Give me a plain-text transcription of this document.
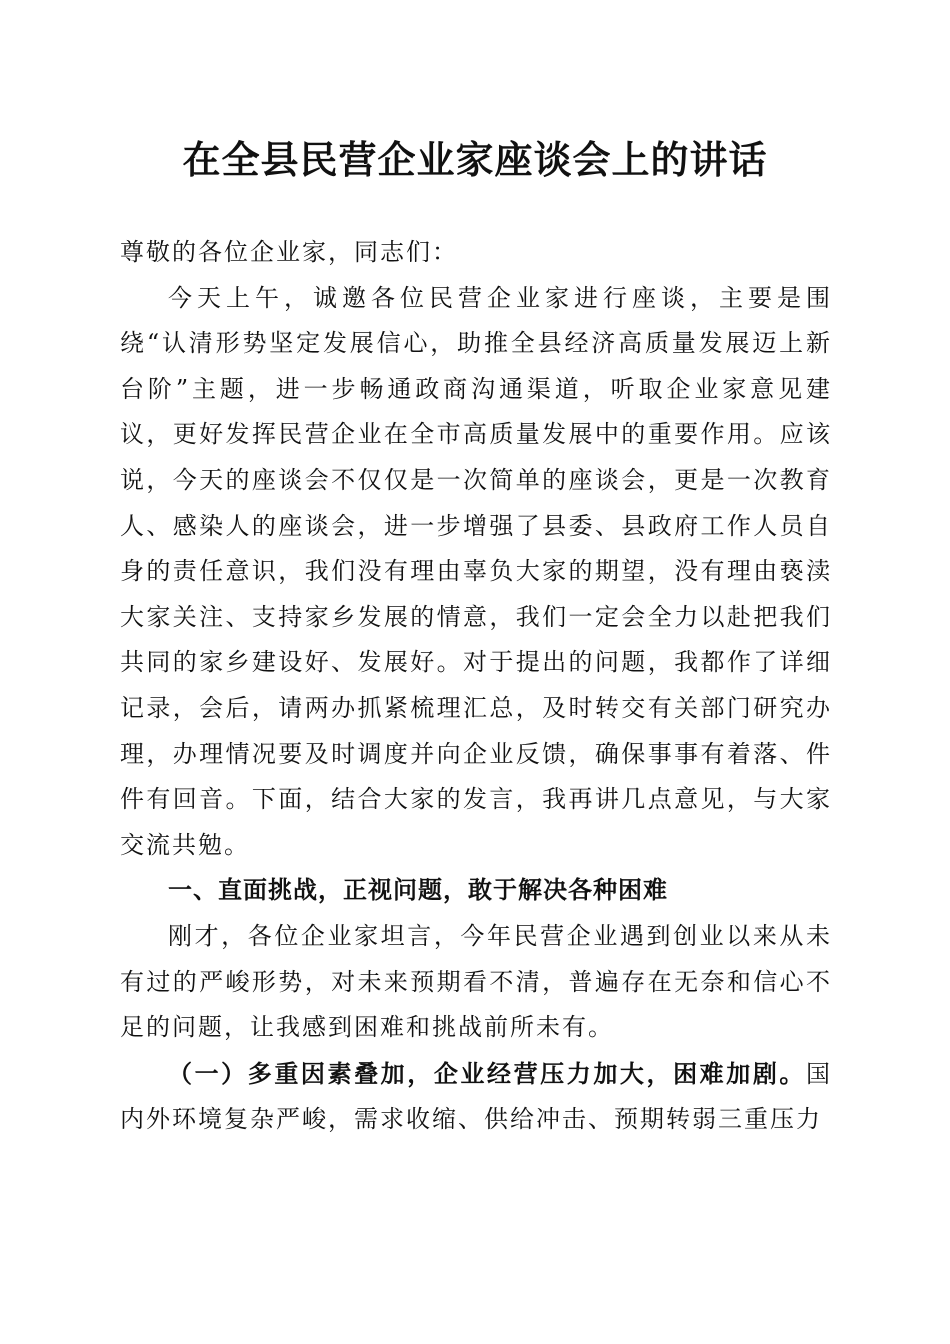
在全县民营企业家座谈会上的讲话

尊敬的各位企业家，同志们：

今天上午，诚邀各位民营企业家进行座谈，主要是围绕“认清形势坚定发展信心，助推全县经济高质量发展迈上新台阶”主题，进一步畅通政商沟通渠道，听取企业家意见建议，更好发挥民营企业在全市高质量发展中的重要作用。应该说，今天的座谈会不仅仅是一次简单的座谈会，更是一次教育人、感染人的座谈会，进一步增强了县委、县政府工作人员自身的责任意识，我们没有理由辜负大家的期望，没有理由亵渎大家关注、支持家乡发展的情意，我们一定会全力以赴把我们共同的家乡建设好、发展好。对于提出的问题，我都作了详细记录，会后，请两办抓紧梳理汇总，及时转交有关部门研究办理，办理情况要及时调度并向企业反馈，确保事事有着落、件件有回音。下面，结合大家的发言，我再讲几点意见，与大家交流共勉。

一、直面挑战，正视问题，敢于解决各种困难

刚才，各位企业家坦言，今年民营企业遇到创业以来从未有过的严峻形势，对未来预期看不清，普遍存在无奈和信心不足的问题，让我感到困难和挑战前所未有。

（一）多重因素叠加，企业经营压力加大，困难加剧。国内外环境复杂严峻，需求收缩、供给冲击、预期转弱三重压力
